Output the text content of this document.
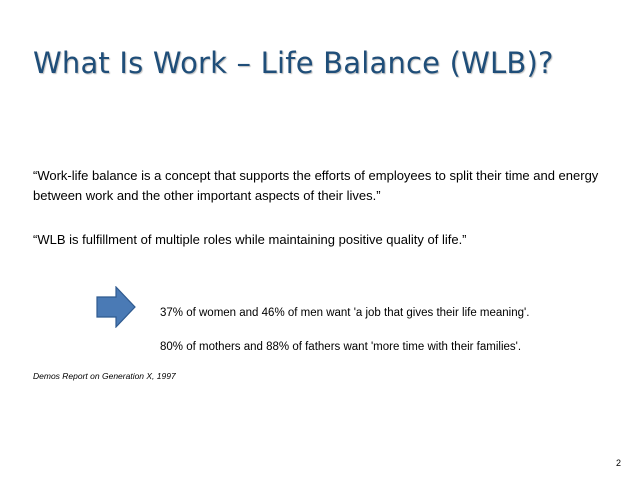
What Is Work – Life Balance (WLB)?

“Work-life balance is a concept that supports the efforts of employees to split their time and energy between work and the other important aspects of their lives.”

“WLB is fulfillment of multiple roles while maintaining positive quality of life.”

37% of women and 46% of men want 'a job that gives their life meaning'.

80% of mothers and 88% of fathers want 'more time with their families'.

Demos Report on Generation X, 1997

2
